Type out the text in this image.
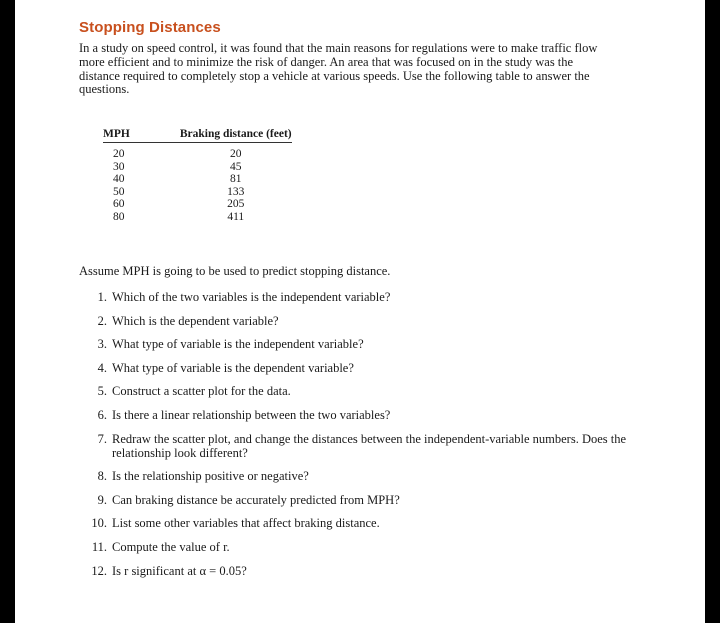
Stopping Distances
In a study on speed control, it was found that the main reasons for regulations were to make traffic flow more efficient and to minimize the risk of danger. An area that was focused on in the study was the distance required to completely stop a vehicle at various speeds. Use the following table to answer the questions.
MPH	Braking distance (feet)
20	20
30	45
40	81
50	133
60	205
80	411
Assume MPH is going to be used to predict stopping distance.
1. Which of the two variables is the independent variable?
2. Which is the dependent variable?
3. What type of variable is the independent variable?
4. What type of variable is the dependent variable?
5. Construct a scatter plot for the data.
6. Is there a linear relationship between the two variables?
7. Redraw the scatter plot, and change the distances between the independent-variable numbers. Does the relationship look different?
8. Is the relationship positive or negative?
9. Can braking distance be accurately predicted from MPH?
10. List some other variables that affect braking distance.
11. Compute the value of r.
12. Is r significant at α = 0.05?
